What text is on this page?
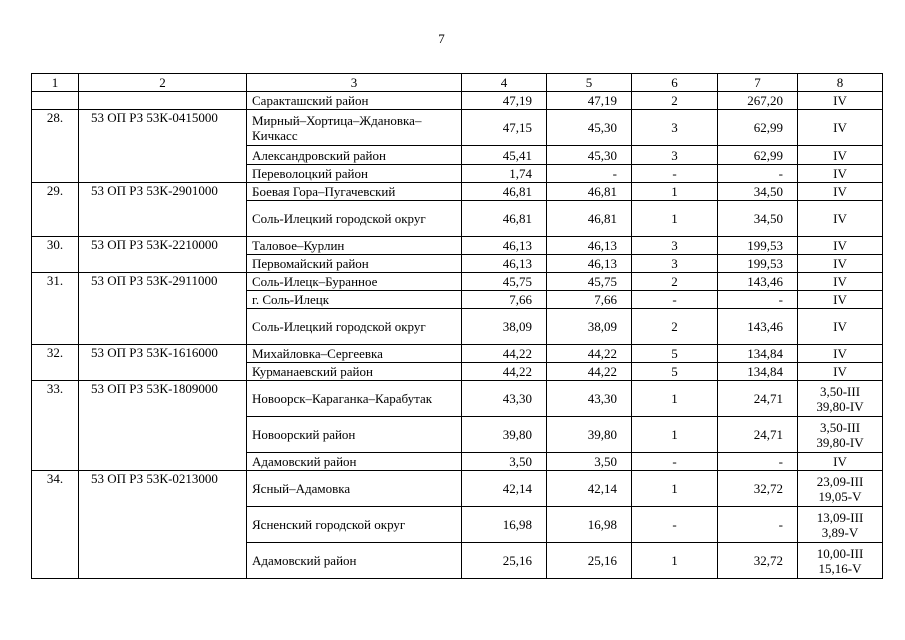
7
1	2	3	4	5	6	7	8
		Саракташский район	47,19	47,19	2	267,20	IV
28.	53 ОП РЗ 53К-0415000	Мирный–Хортица–Ждановка–Кичкасс	47,15	45,30	3	62,99	IV
		Александровский район	45,41	45,30	3	62,99	IV
		Переволоцкий район	1,74	-	-	-	IV
29.	53 ОП РЗ 53К-2901000	Боевая Гора–Пугачевский	46,81	46,81	1	34,50	IV
		Соль-Илецкий городской округ	46,81	46,81	1	34,50	IV
30.	53 ОП РЗ 53К-2210000	Таловое–Курлин	46,13	46,13	3	199,53	IV
		Первомайский район	46,13	46,13	3	199,53	IV
31.	53 ОП РЗ 53К-2911000	Соль-Илецк–Буранное	45,75	45,75	2	143,46	IV
		г. Соль-Илецк	7,66	7,66	-	-	IV
		Соль-Илецкий городской округ	38,09	38,09	2	143,46	IV
32.	53 ОП РЗ 53К-1616000	Михайловка–Сергеевка	44,22	44,22	5	134,84	IV
		Курманаевский район	44,22	44,22	5	134,84	IV
33.	53 ОП РЗ 53К-1809000	Новоорск–Караганка–Карабутак	43,30	43,30	1	24,71	3,50-III 39,80-IV
		Новоорский район	39,80	39,80	1	24,71	3,50-III 39,80-IV
		Адамовский район	3,50	3,50	-	-	IV
34.	53 ОП РЗ 53К-0213000	Ясный–Адамовка	42,14	42,14	1	32,72	23,09-III 19,05-V
		Ясненский городской округ	16,98	16,98	-	-	13,09-III 3,89-V
		Адамовский район	25,16	25,16	1	32,72	10,00-III 15,16-V
